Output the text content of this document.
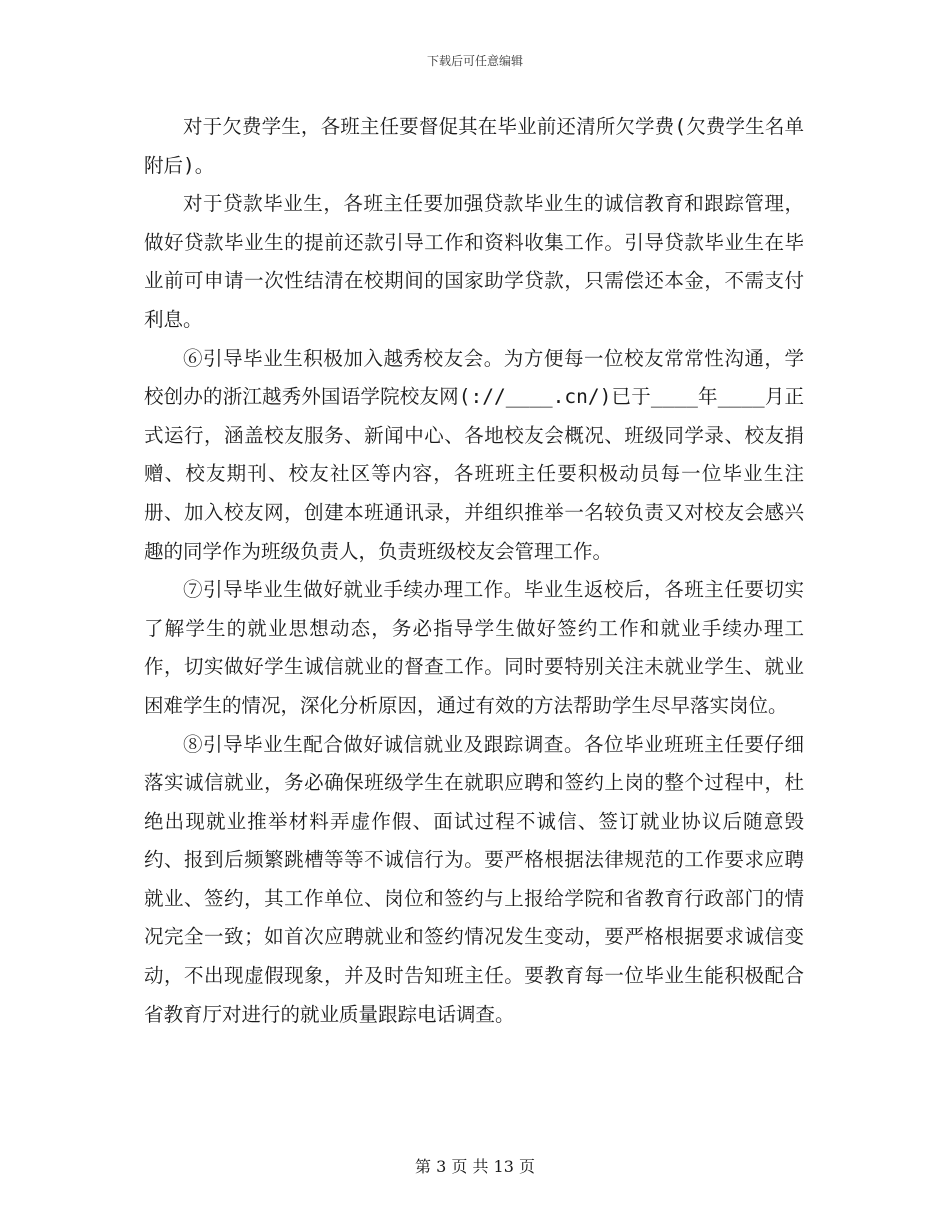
下载后可任意编辑

对于欠费学生，各班主任要督促其在毕业前还清所欠学费(欠费学生名单附后)。

对于贷款毕业生，各班主任要加强贷款毕业生的诚信教育和跟踪管理，做好贷款毕业生的提前还款引导工作和资料收集工作。引导贷款毕业生在毕业前可申请一次性结清在校期间的国家助学贷款，只需偿还本金，不需支付利息。

⑥引导毕业生积极加入越秀校友会。为方便每一位校友常常性沟通，学校创办的浙江越秀外国语学院校友网(://____.cn/)已于____年____月正式运行，涵盖校友服务、新闻中心、各地校友会概况、班级同学录、校友捐赠、校友期刊、校友社区等内容，各班班主任要积极动员每一位毕业生注册、加入校友网，创建本班通讯录，并组织推举一名较负责又对校友会感兴趣的同学作为班级负责人，负责班级校友会管理工作。

⑦引导毕业生做好就业手续办理工作。毕业生返校后，各班主任要切实了解学生的就业思想动态，务必指导学生做好签约工作和就业手续办理工作，切实做好学生诚信就业的督查工作。同时要特别关注未就业学生、就业困难学生的情况，深化分析原因，通过有效的方法帮助学生尽早落实岗位。

⑧引导毕业生配合做好诚信就业及跟踪调查。各位毕业班班主任要仔细落实诚信就业，务必确保班级学生在就职应聘和签约上岗的整个过程中，杜绝出现就业推举材料弄虚作假、面试过程不诚信、签订就业协议后随意毁约、报到后频繁跳槽等等不诚信行为。要严格根据法律规范的工作要求应聘就业、签约，其工作单位、岗位和签约与上报给学院和省教育行政部门的情况完全一致；如首次应聘就业和签约情况发生变动，要严格根据要求诚信变动，不出现虚假现象，并及时告知班主任。要教育每一位毕业生能积极配合省教育厅对进行的就业质量跟踪电话调查。

第 3 页 共 13 页
